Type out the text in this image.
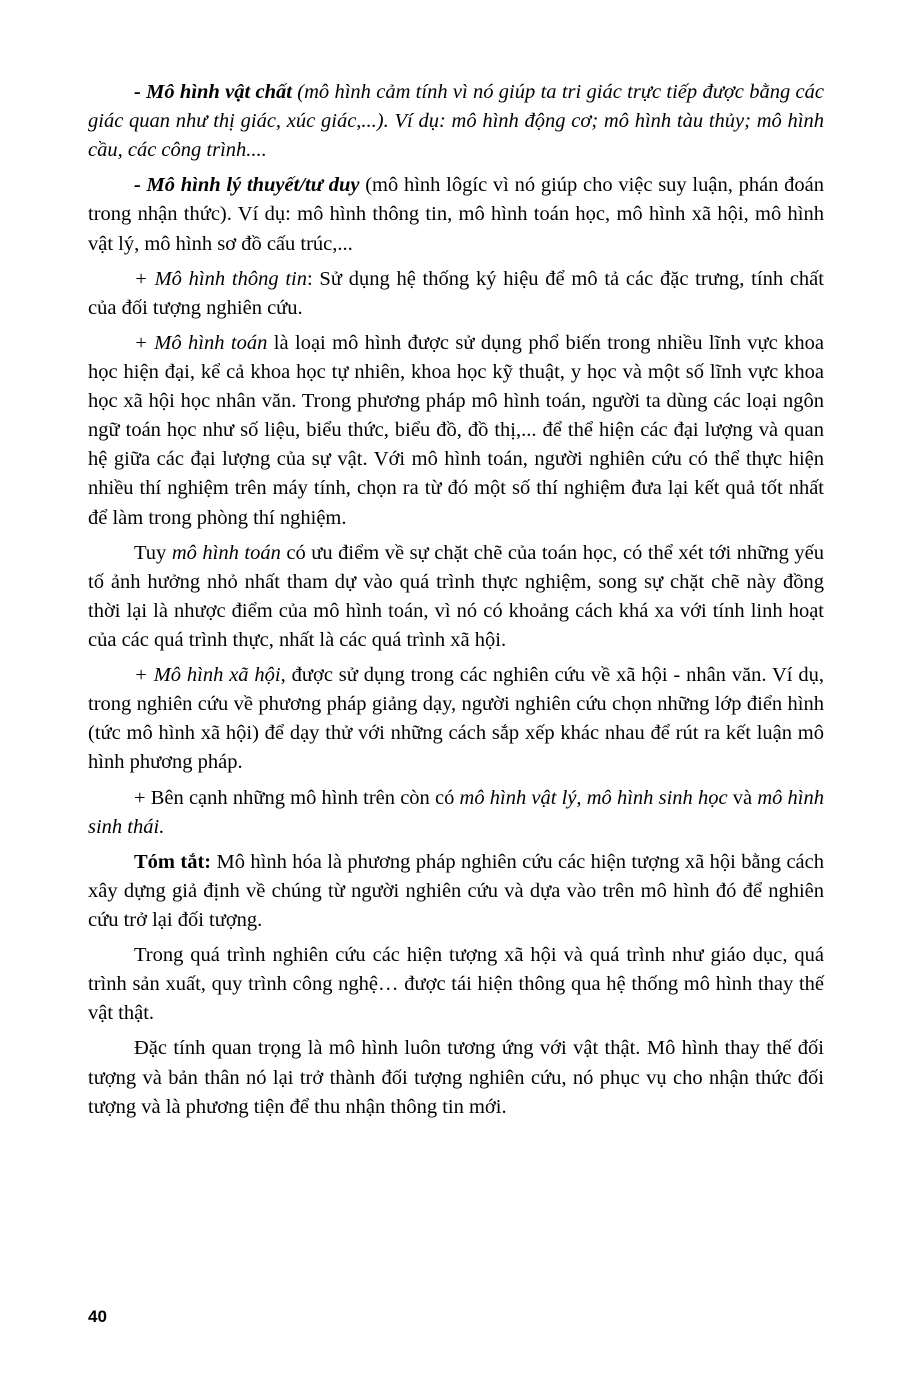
- Mô hình vật chất (mô hình cảm tính vì nó giúp ta tri giác trực tiếp được bằng các giác quan như thị giác, xúc giác,...). Ví dụ: mô hình động cơ; mô hình tàu thủy; mô hình cầu, các công trình....

- Mô hình lý thuyết/tư duy (mô hình lôgíc vì nó giúp cho việc suy luận, phán đoán trong nhận thức). Ví dụ: mô hình thông tin, mô hình toán học, mô hình xã hội, mô hình vật lý, mô hình sơ đồ cấu trúc,...

+ Mô hình thông tin: Sử dụng hệ thống ký hiệu để mô tả các đặc trưng, tính chất của đối tượng nghiên cứu.

+ Mô hình toán là loại mô hình được sử dụng phổ biến trong nhiều lĩnh vực khoa học hiện đại, kể cả khoa học tự nhiên, khoa học kỹ thuật, y học và một số lĩnh vực khoa học xã hội học nhân văn. Trong phương pháp mô hình toán, người ta dùng các loại ngôn ngữ toán học như số liệu, biểu thức, biểu đồ, đồ thị,... để thể hiện các đại lượng và quan hệ giữa các đại lượng của sự vật. Với mô hình toán, người nghiên cứu có thể thực hiện nhiều thí nghiệm trên máy tính, chọn ra từ đó một số thí nghiệm đưa lại kết quả tốt nhất để làm trong phòng thí nghiệm.

Tuy mô hình toán có ưu điểm về sự chặt chẽ của toán học, có thể xét tới những yếu tố ảnh hưởng nhỏ nhất tham dự vào quá trình thực nghiệm, song sự chặt chẽ này đồng thời lại là nhược điểm của mô hình toán, vì nó có khoảng cách khá xa với tính linh hoạt của các quá trình thực, nhất là các quá trình xã hội.

+ Mô hình xã hội, được sử dụng trong các nghiên cứu về xã hội - nhân văn. Ví dụ, trong nghiên cứu về phương pháp giảng dạy, người nghiên cứu chọn những lớp điển hình (tức mô hình xã hội) để dạy thử với những cách sắp xếp khác nhau để rút ra kết luận mô hình phương pháp.

+ Bên cạnh những mô hình trên còn có mô hình vật lý, mô hình sinh học và mô hình sinh thái.

Tóm tắt: Mô hình hóa là phương pháp nghiên cứu các hiện tượng xã hội bằng cách xây dựng giả định về chúng từ người nghiên cứu và dựa vào trên mô hình đó để nghiên cứu trở lại đối tượng.

Trong quá trình nghiên cứu các hiện tượng xã hội và quá trình như giáo dục, quá trình sản xuất, quy trình công nghệ… được tái hiện thông qua hệ thống mô hình thay thế vật thật.

Đặc tính quan trọng là mô hình luôn tương ứng với vật thật. Mô hình thay thế đối tượng và bản thân nó lại trở thành đối tượng nghiên cứu, nó phục vụ cho nhận thức đối tượng và là phương tiện để thu nhận thông tin mới.

40
